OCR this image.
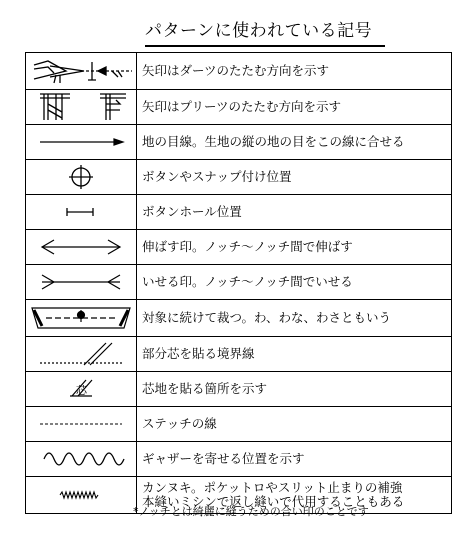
パターンに使われている記号
	矢印はダーツのたたむ方向を示す

	矢印はプリーツのたたむ方向を示す

	地の目線。生地の縦の地の目をこの線に合せる

	ボタンやスナップ付け位置

	ボタンホール位置

	伸ばす印。ノッチ～ノッチ間で伸ばす

	いせる印。ノッチ～ノッチ間でいせる

	対象に続けて裁つ。わ、わな、わさともいう

	部分芯を貼る境界線

芯	芯地を貼る箇所を示す

	ステッチの線

	ギャザーを寄せる位置を示す

カンヌキ。ポケットロやスリット止まりの補強
本縫いミシンで返し縫いで代用することもある
*ノッチとは綺麗に縫うための合い印のことです
